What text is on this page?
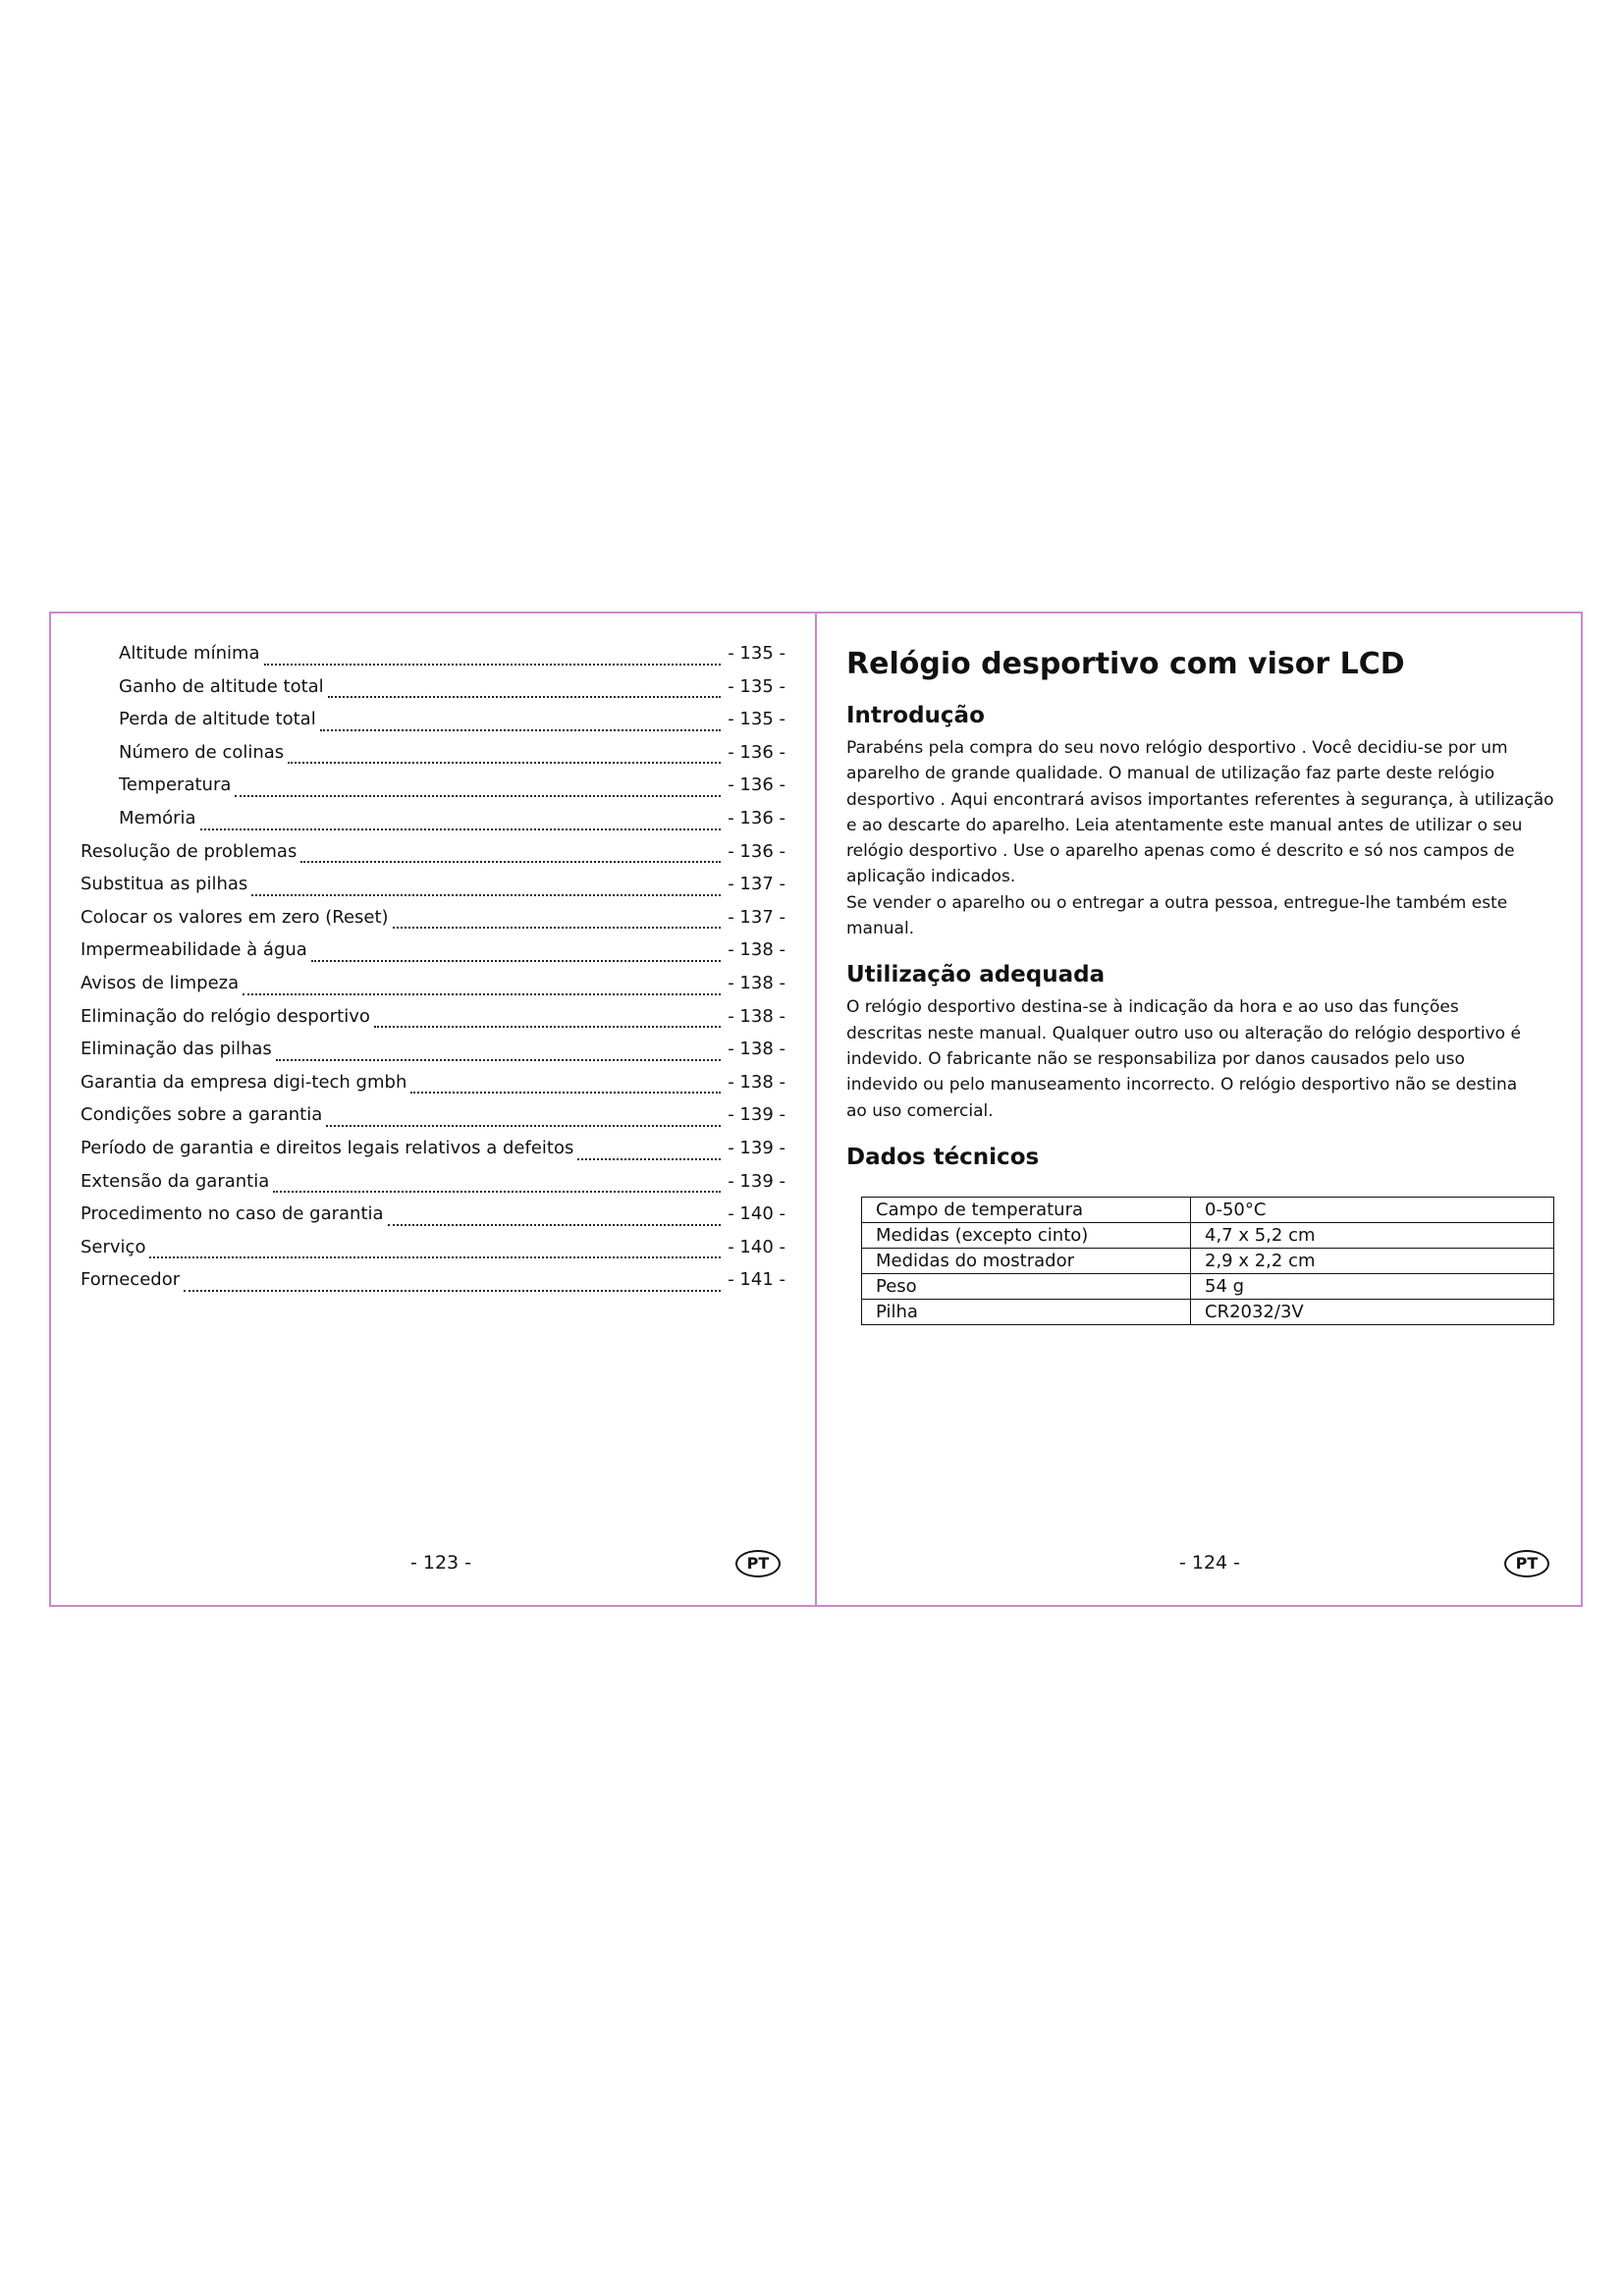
Altitude mínima	- 135 -
Ganho de altitude total	- 135 -
Perda de altitude total	- 135 -
Número de colinas	- 136 -
Temperatura	- 136 -
Memória	- 136 -
Resolução de problemas	- 136 -
Substitua as pilhas	- 137 -
Colocar os valores em zero (Reset)	- 137 -
Impermeabilidade à água	- 138 -
Avisos de limpeza	- 138 -
Eliminação do relógio desportivo	- 138 -
Eliminação das pilhas	- 138 -
Garantia da empresa digi-tech gmbh	- 138 -
Condições sobre a garantia	- 139 -
Período de garantia e direitos legais relativos a defeitos	- 139 -
Extensão da garantia	- 139 -
Procedimento no caso de garantia	- 140 -
Serviço	- 140 -
Fornecedor	- 141 -
- 123 -	PT
Relógio desportivo com visor LCD
Introdução

Parabéns pela compra do seu novo relógio desportivo . Você decidiu-se por um
aparelho de grande qualidade. O manual de utilização faz parte deste relógio
desportivo . Aqui encontrará avisos importantes referentes à segurança, à utilização
e ao descarte do aparelho. Leia atentamente este manual antes de utilizar o seu
relógio desportivo . Use o aparelho apenas como é descrito e só nos campos de
aplicação indicados.
Se vender o aparelho ou o entregar a outra pessoa, entregue-lhe também este
manual.

Utilização adequada

O relógio desportivo destina-se à indicação da hora e ao uso das funções
descritas neste manual. Qualquer outro uso ou alteração do relógio desportivo é
indevido. O fabricante não se responsabiliza por danos causados pelo uso
indevido ou pelo manuseamento incorrecto. O relógio desportivo não se destina
ao uso comercial.

Dados técnicos
Campo de temperatura	0-50°C
Medidas (excepto cinto)	4,7 x 5,2 cm
Medidas do mostrador	2,9 x 2,2 cm
Peso	54 g
Pilha	CR2032/3V
- 124 -	PT
